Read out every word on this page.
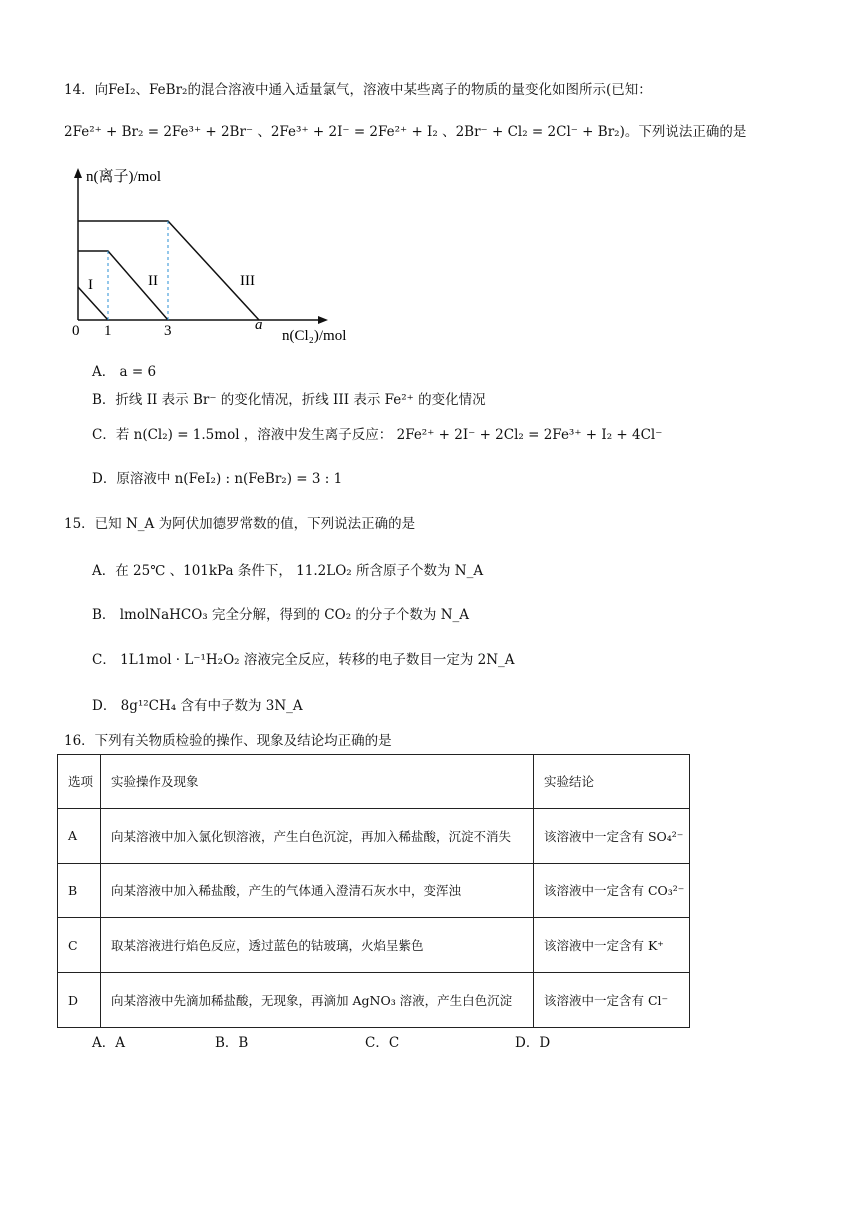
14．向FeI₂、FeBr₂的混合溶液中通入适量氯气，溶液中某些离子的物质的量变化如图所示(已知：
2Fe²⁺ + Br₂ = 2Fe³⁺ + 2Br⁻ 、2Fe³⁺ + 2I⁻ = 2Fe²⁺ + I₂ 、2Br⁻ + Cl₂ = 2Cl⁻ + Br₂)。下列说法正确的是
n(离子)/mol
n(Cl₂)/mol
0 1	3	a
I	II	III
A． a = 6
B．折线 II 表示 Br⁻ 的变化情况，折线 III 表示 Fe²⁺ 的变化情况
C．若 n(Cl₂) = 1.5mol ，溶液中发生离子反应： 2Fe²⁺ + 2I⁻ + 2Cl₂ = 2Fe³⁺ + I₂ + 4Cl⁻
D．原溶液中 n(FeI₂) : n(FeBr₂) = 3 : 1
15．已知 N_A 为阿伏加德罗常数的值，下列说法正确的是
A．在 25℃ 、101kPa 条件下， 11.2LO₂ 所含原子个数为 N_A
B． lmolNaHCO₃ 完全分解，得到的 CO₂ 的分子个数为 N_A
C． 1L1mol · L⁻¹H₂O₂ 溶液完全反应，转移的电子数目一定为 2N_A
D． 8g¹²CH₄ 含有中子数为 3N_A
16．下列有关物质检验的操作、现象及结论均正确的是
选项	实验操作及现象	实验结论
A	向某溶液中加入氯化钡溶液，产生白色沉淀，再加入稀盐酸，沉淀不消失	该溶液中一定含有 SO₄²⁻
B	向某溶液中加入稀盐酸，产生的气体通入澄清石灰水中，变浑浊	该溶液中一定含有 CO₃²⁻
C	取某溶液进行焰色反应，透过蓝色的钴玻璃，火焰呈紫色	该溶液中一定含有 K⁺
D	向某溶液中先滴加稀盐酸，无现象，再滴加 AgNO₃ 溶液，产生白色沉淀	该溶液中一定含有 Cl⁻
A．A	B．B	C．C	D．D
